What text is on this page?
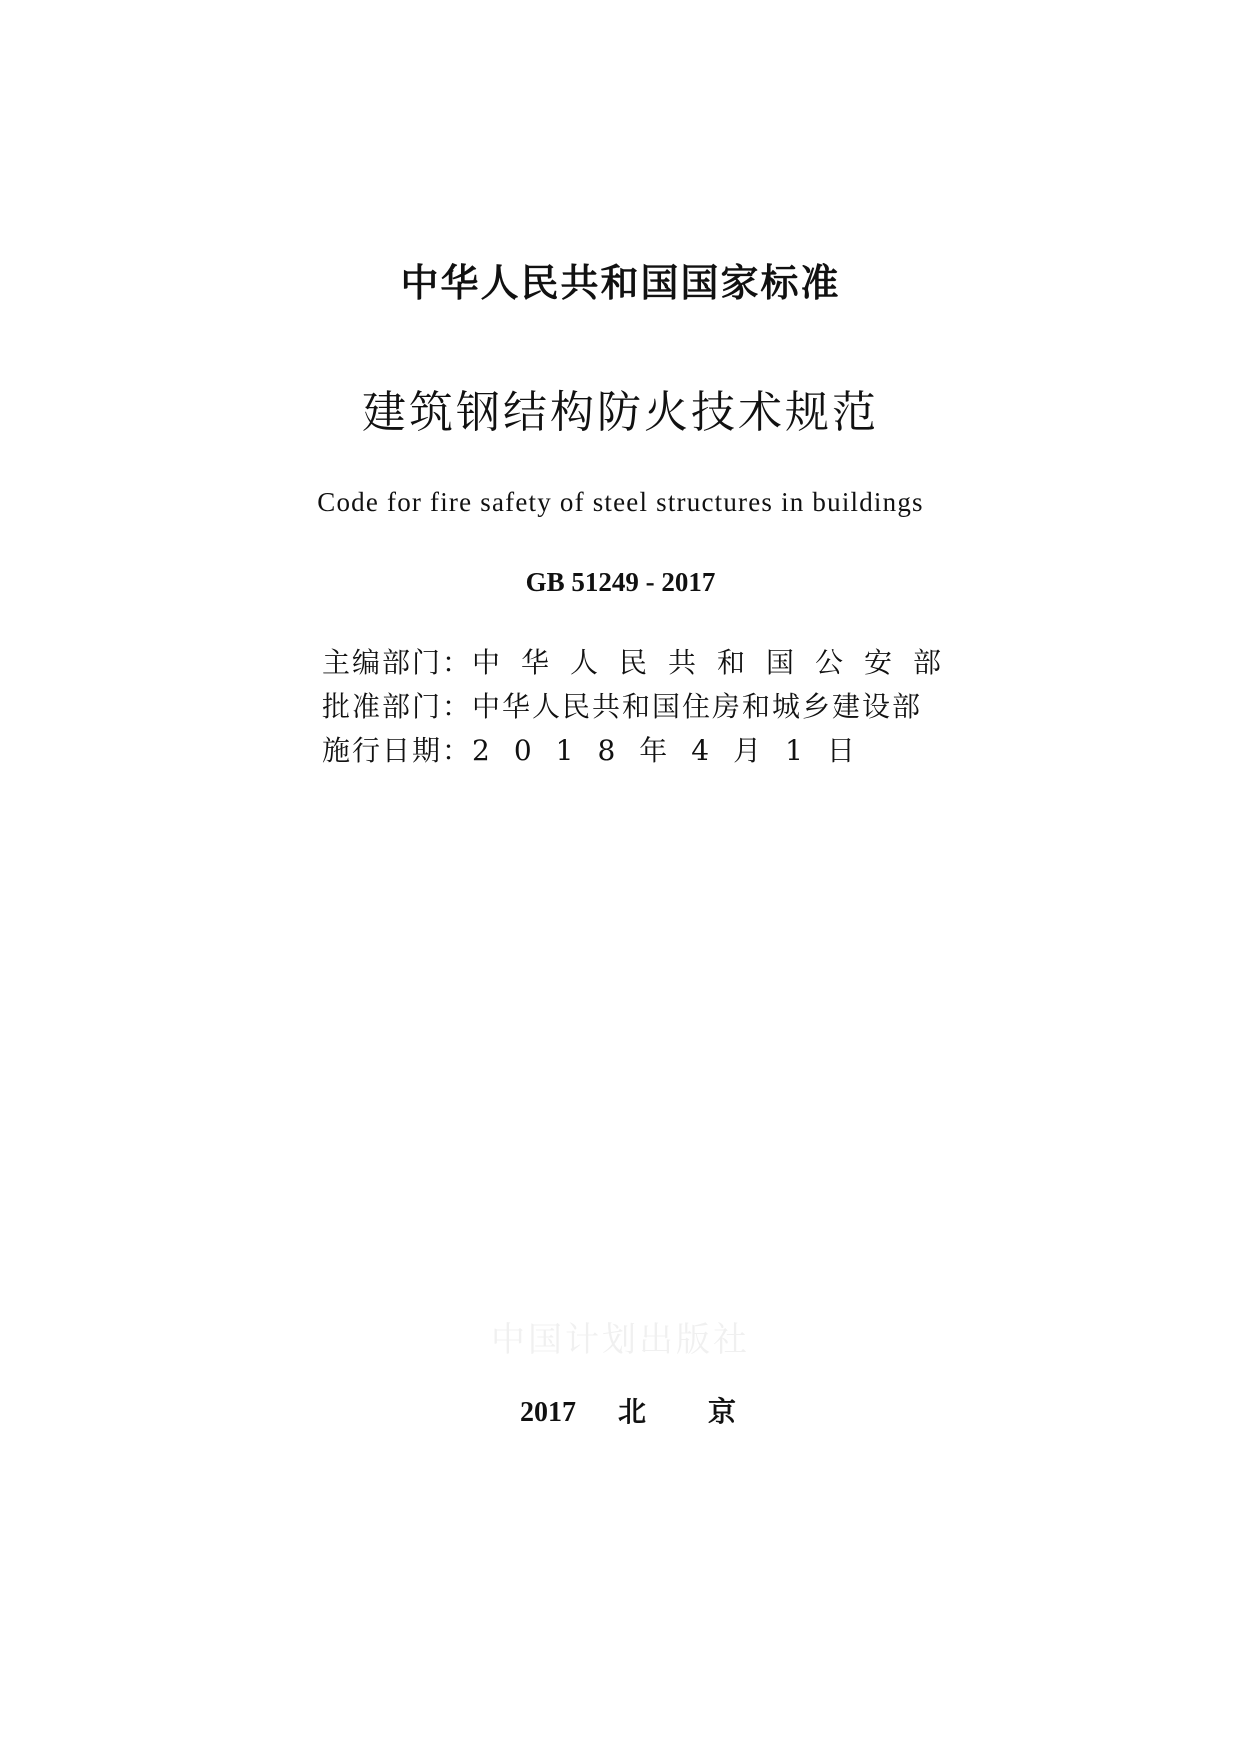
中华人民共和国国家标准
建筑钢结构防火技术规范
Code for fire safety of steel structures in buildings
GB 51249 - 2017
主编部门： 中华人民共和国公安部
批准部门： 中华人民共和国住房和城乡建设部
施行日期： 2018年4月1日
中国计划出版社
2017 北京
